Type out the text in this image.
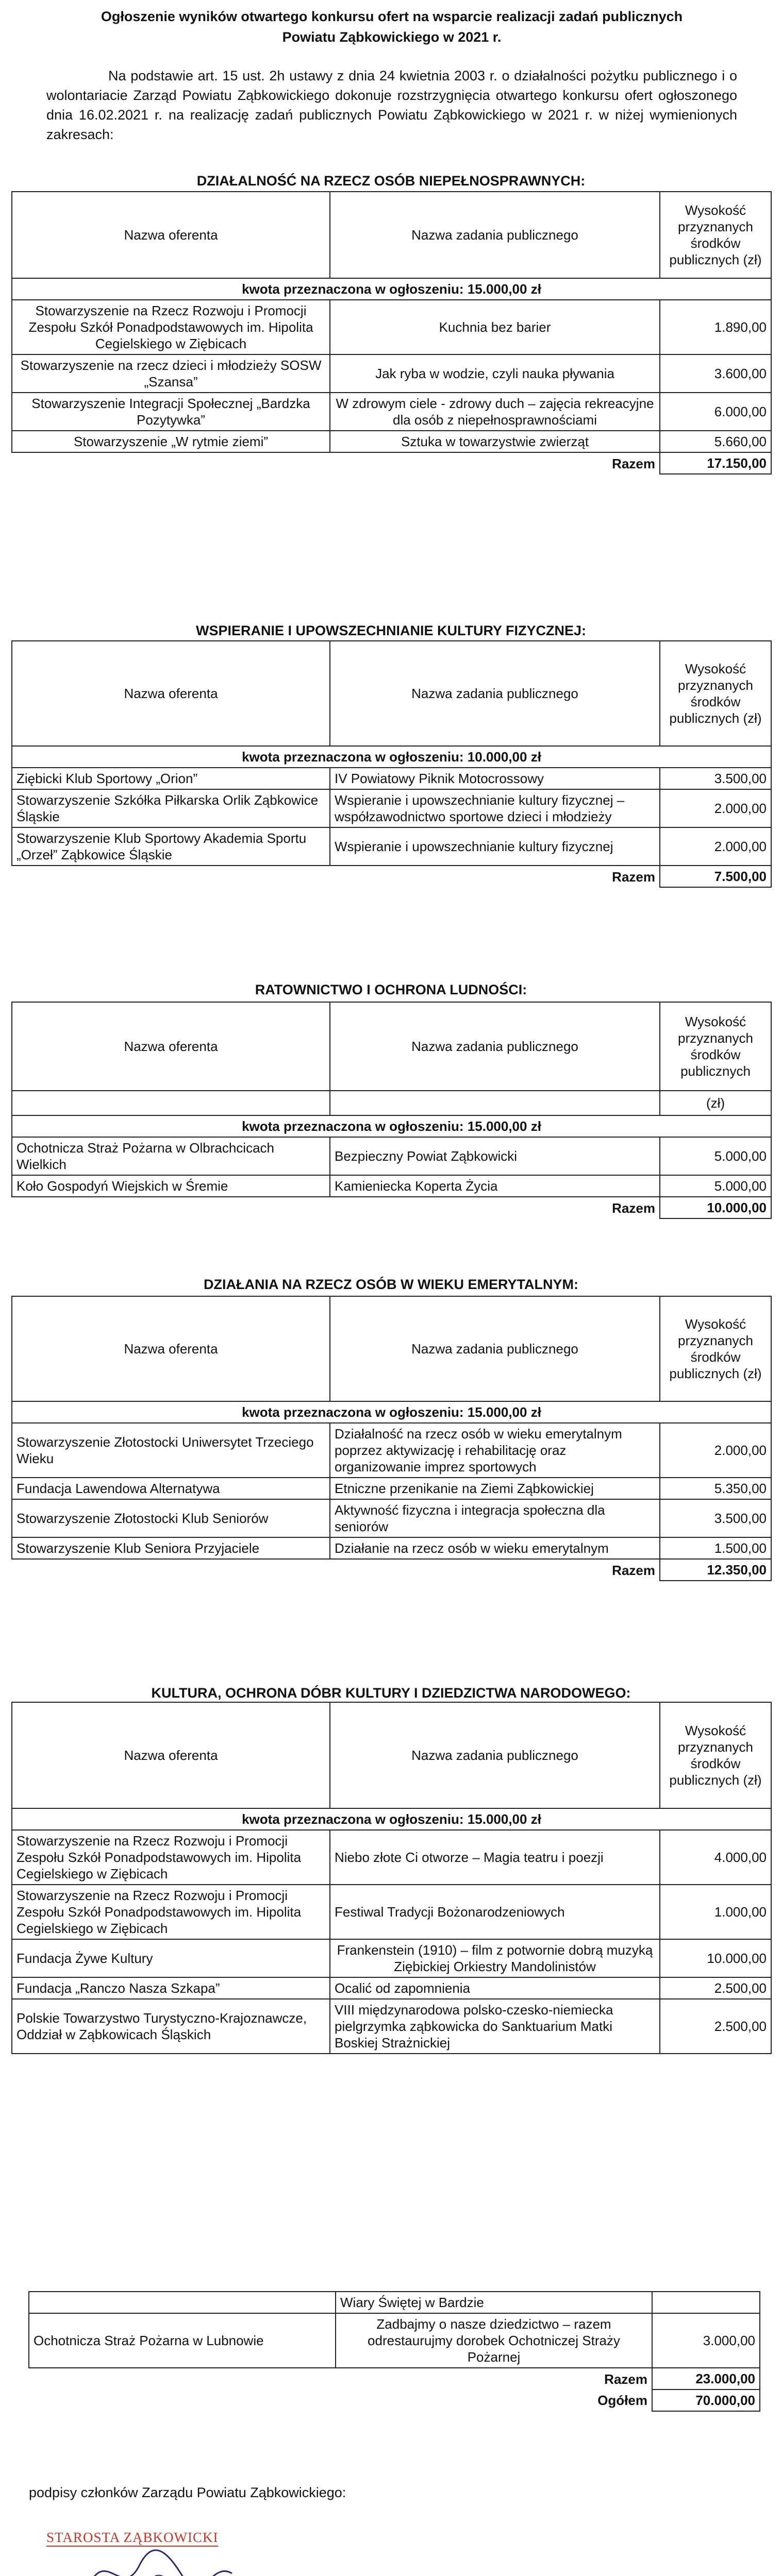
Ogłoszenie wyników otwartego konkursu ofert na wsparcie realizacji zadań publicznych
Powiatu Ząbkowickiego w 2021 r.
Na podstawie art. 15 ust. 2h ustawy z dnia 24 kwietnia 2003 r. o działalności pożytku publicznego i o wolontariacie Zarząd Powiatu Ząbkowickiego dokonuje rozstrzygnięcia otwartego konkursu ofert ogłoszonego dnia 16.02.2021 r. na realizację zadań publicznych Powiatu Ząbkowickiego w 2021 r. w niżej wymienionych zakresach:
DZIAŁALNOŚĆ NA RZECZ OSÓB NIEPEŁNOSPRAWNYCH:
Nazwa oferenta	Nazwa zadania publicznego	Wysokość przyznanych środków publicznych (zł)
kwota przeznaczona w ogłoszeniu: 15.000,00 zł		
Stowarzyszenie na Rzecz Rozwoju i Promocji Zespołu Szkół Ponadpodstawowych im. Hipolita Cegielskiego w Ziębicach	Kuchnia bez barier	1.890,00
Stowarzyszenie na rzecz dzieci i młodzieży SOSW „Szansa”	Jak ryba w wodzie, czyli nauka pływania	3.600,00
Stowarzyszenie Integracji Społecznej „Bardzka Pozytywka”	W zdrowym ciele - zdrowy duch – zajęcia rekreacyjne dla osób z niepełnosprawnościami	6.000,00
Stowarzyszenie „W rytmie ziemi”	Sztuka w towarzystwie zwierząt	5.660,00
Razem		17.150,00
WSPIERANIE I UPOWSZECHNIANIE KULTURY FIZYCZNEJ:
Nazwa oferenta	Nazwa zadania publicznego	Wysokość przyznanych środków publicznych (zł)
kwota przeznaczona w ogłoszeniu: 10.000,00 zł		
Ziębicki Klub Sportowy „Orion”	IV Powiatowy Piknik Motocrossowy	3.500,00
Stowarzyszenie Szkółka Piłkarska Orlik Ząbkowice Śląskie	Wspieranie i upowszechnianie kultury fizycznej – współzawodnictwo sportowe dzieci i młodzieży	2.000,00
Stowarzyszenie Klub Sportowy Akademia Sportu „Orzeł” Ząbkowice Śląskie	Wspieranie i upowszechnianie kultury fizycznej	2.000,00
Razem		7.500,00
RATOWNICTWO I OCHRONA LUDNOŚCI:
Nazwa oferenta	Nazwa zadania publicznego	Wysokość przyznanych środków publicznych
		(zł)
kwota przeznaczona w ogłoszeniu: 15.000,00 zł		
Ochotnicza Straż Pożarna w Olbrachcicach Wielkich	Bezpieczny Powiat Ząbkowicki	5.000,00
Koło Gospodyń Wiejskich w Śremie	Kamieniecka Koperta Życia	5.000,00
Razem		10.000,00
DZIAŁANIA NA RZECZ OSÓB W WIEKU EMERYTALNYM:
Nazwa oferenta	Nazwa zadania publicznego	Wysokość przyznanych środków publicznych (zł)
kwota przeznaczona w ogłoszeniu: 15.000,00 zł		
Stowarzyszenie Złotostocki Uniwersytet Trzeciego Wieku	Działalność na rzecz osób w wieku emerytalnym poprzez aktywizację i rehabilitację oraz organizowanie imprez sportowych	2.000,00
Fundacja Lawendowa Alternatywa	Etniczne przenikanie na Ziemi Ząbkowickiej	5.350,00
Stowarzyszenie Złotostocki Klub Seniorów	Aktywność fizyczna i integracja społeczna dla seniorów	3.500,00
Stowarzyszenie Klub Seniora Przyjaciele	Działanie na rzecz osób w wieku emerytalnym	1.500,00
Razem		12.350,00
KULTURA, OCHRONA DÓBR KULTURY I DZIEDZICTWA NARODOWEGO:
Nazwa oferenta	Nazwa zadania publicznego	Wysokość przyznanych środków publicznych (zł)
kwota przeznaczona w ogłoszeniu: 15.000,00 zł		
Stowarzyszenie na Rzecz Rozwoju i Promocji Zespołu Szkół Ponadpodstawowych im. Hipolita Cegielskiego w Ziębicach	Niebo złote Ci otworze – Magia teatru i poezji	4.000,00
Stowarzyszenie na Rzecz Rozwoju i Promocji Zespołu Szkół Ponadpodstawowych im. Hipolita Cegielskiego w Ziębicach	Festiwal Tradycji Bożonarodzeniowych	1.000,00
Fundacja Żywe Kultury	Frankenstein (1910) – film z potwornie dobrą muzyką Ziębickiej Orkiestry Mandolinistów	10.000,00
Fundacja „Ranczo Nasza Szkapa”	Ocalić od zapomnienia	2.500,00
Polskie Towarzystwo Turystyczno-Krajoznawcze, Oddział w Ząbkowicach Śląskich	VIII międzynarodowa polsko-czesko-niemiecka pielgrzymka ząbkowicka do Sanktuarium Matki Boskiej Strażnickiej	2.500,00
	Wiary Świętej w Bardzie	
Ochotnicza Straż Pożarna w Lubnowie	Zadbajmy o nasze dziedzictwo – razem odrestaurujmy dorobek Ochotniczej Straży Pożarnej	3.000,00
Razem		23.000,00
Ogółem		70.000,00
podpisy członków Zarządu Powiatu Ząbkowickiego:
STAROSTA ZĄBKOWICKI
